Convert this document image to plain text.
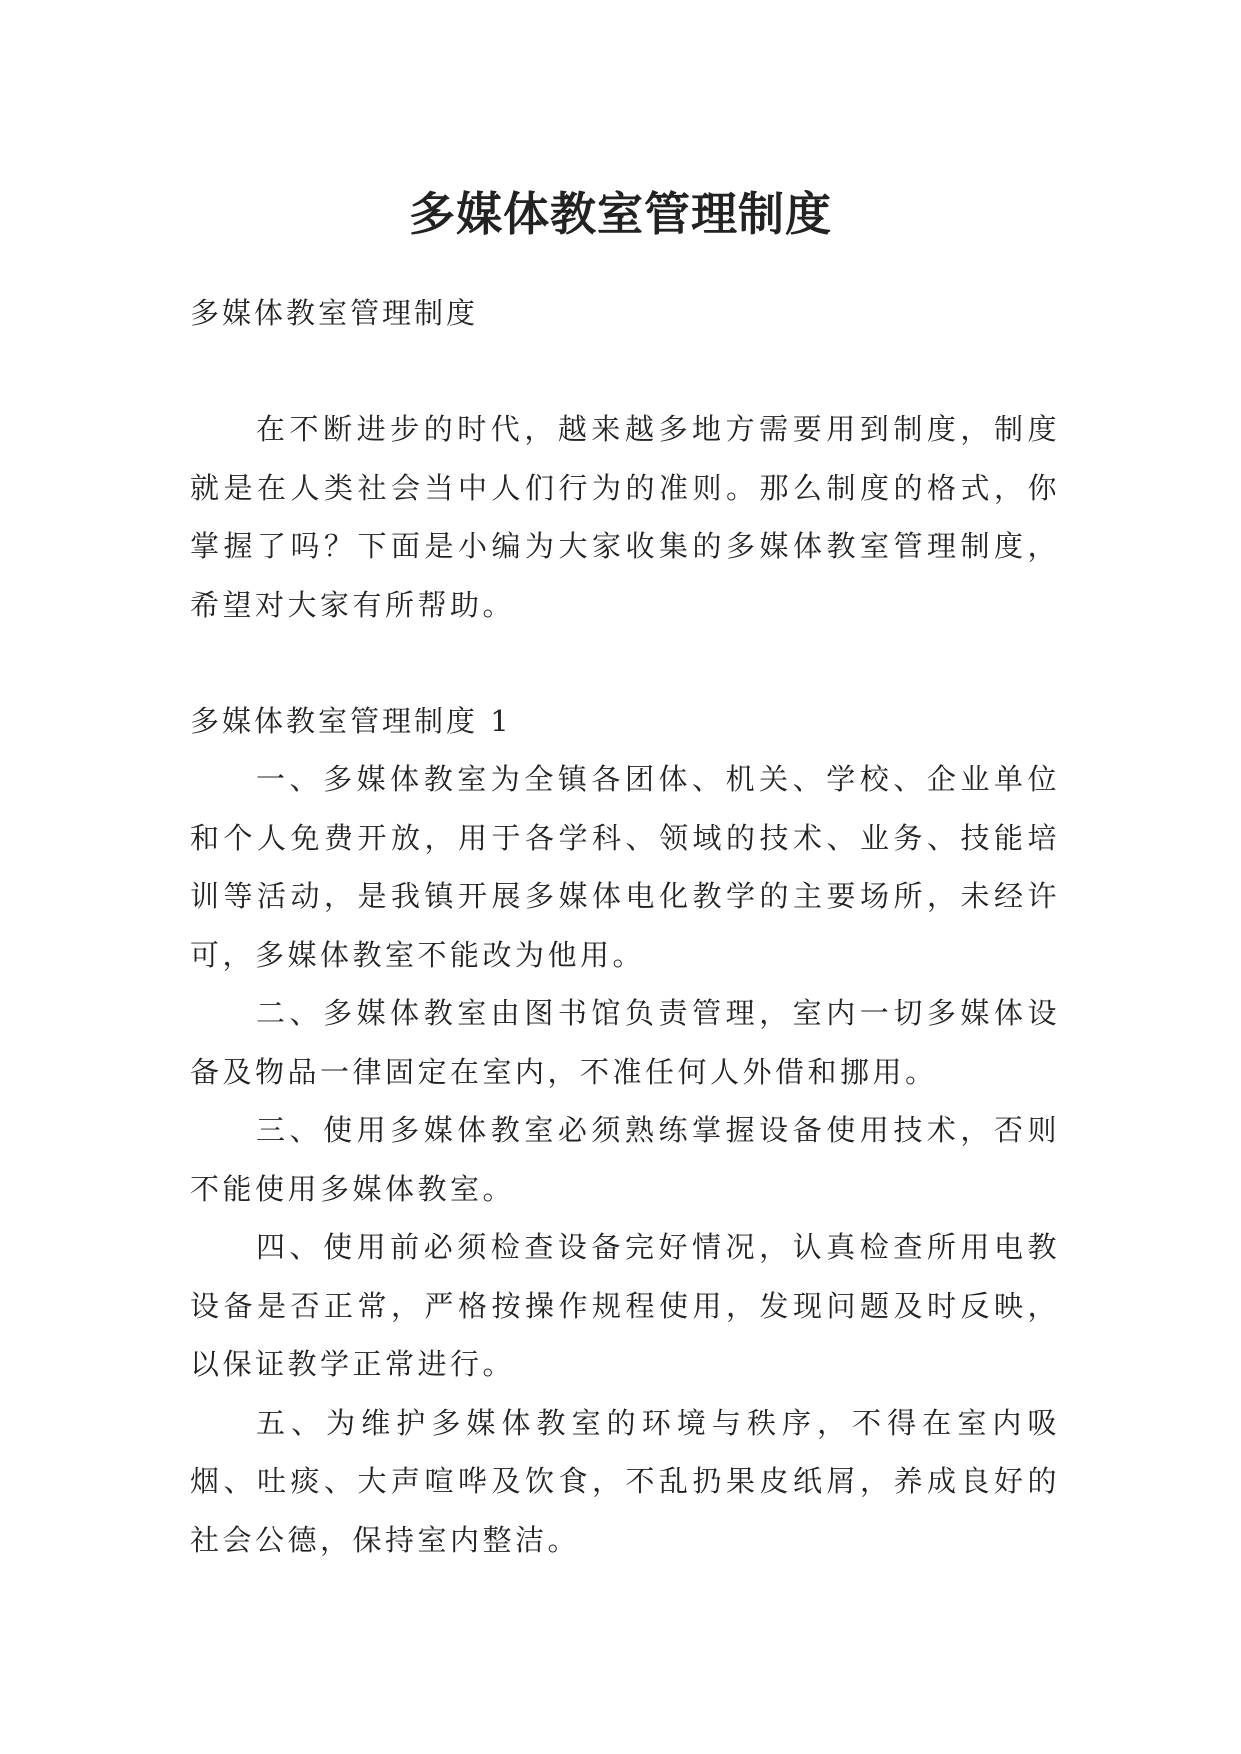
多媒体教室管理制度

多媒体教室管理制度

在不断进步的时代，越来越多地方需要用到制度，制度就是在人类社会当中人们行为的准则。那么制度的格式，你掌握了吗？下面是小编为大家收集的多媒体教室管理制度，希望对大家有所帮助。

多媒体教室管理制度 1

一、多媒体教室为全镇各团体、机关、学校、企业单位和个人免费开放，用于各学科、领域的技术、业务、技能培训等活动，是我镇开展多媒体电化教学的主要场所，未经许可，多媒体教室不能改为他用。

二、多媒体教室由图书馆负责管理，室内一切多媒体设备及物品一律固定在室内，不准任何人外借和挪用。

三、使用多媒体教室必须熟练掌握设备使用技术，否则不能使用多媒体教室。

四、使用前必须检查设备完好情况，认真检查所用电教设备是否正常，严格按操作规程使用，发现问题及时反映，以保证教学正常进行。

五、为维护多媒体教室的环境与秩序，不得在室内吸烟、吐痰、大声喧哗及饮食，不乱扔果皮纸屑，养成良好的社会公德，保持室内整洁。
